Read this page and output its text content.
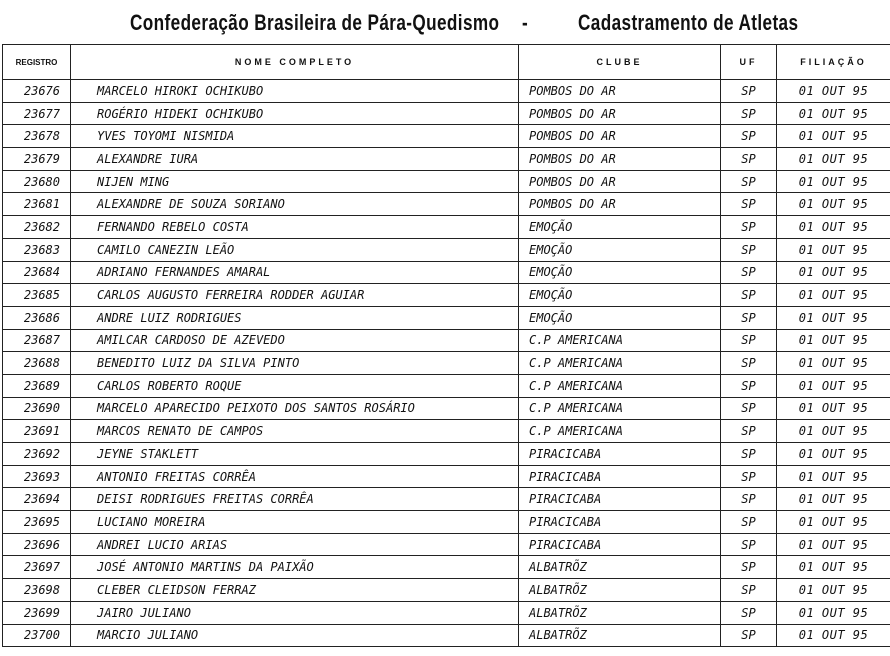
Confederação Brasileira de Pára-Quedismo - Cadastramento de Atletas
REGISTRO	NOME COMPLETO	CLUBE	UF	FILIAÇÃO
23676	MARCELO HIROKI OCHIKUBO	POMBOS DO AR	SP	01 OUT 95
23677	ROGÉRIO HIDEKI OCHIKUBO	POMBOS DO AR	SP	01 OUT 95
23678	YVES TOYOMI NISMIDA	POMBOS DO AR	SP	01 OUT 95
23679	ALEXANDRE IURA	POMBOS DO AR	SP	01 OUT 95
23680	NIJEN MING	POMBOS DO AR	SP	01 OUT 95
23681	ALEXANDRE DE SOUZA SORIANO	POMBOS DO AR	SP	01 OUT 95
23682	FERNANDO REBELO COSTA	EMOÇÃO	SP	01 OUT 95
23683	CAMILO CANEZIN LEÃO	EMOÇÃO	SP	01 OUT 95
23684	ADRIANO FERNANDES AMARAL	EMOÇÃO	SP	01 OUT 95
23685	CARLOS AUGUSTO FERREIRA RODDER AGUIAR	EMOÇÃO	SP	01 OUT 95
23686	ANDRE LUIZ RODRIGUES	EMOÇÃO	SP	01 OUT 95
23687	AMILCAR CARDOSO DE AZEVEDO	C.P AMERICANA	SP	01 OUT 95
23688	BENEDITO LUIZ DA SILVA PINTO	C.P AMERICANA	SP	01 OUT 95
23689	CARLOS ROBERTO ROQUE	C.P AMERICANA	SP	01 OUT 95
23690	MARCELO APARECIDO PEIXOTO DOS SANTOS ROSÁRIO	C.P AMERICANA	SP	01 OUT 95
23691	MARCOS RENATO DE CAMPOS	C.P AMERICANA	SP	01 OUT 95
23692	JEYNE STAKLETT	PIRACICABA	SP	01 OUT 95
23693	ANTONIO FREITAS CORRÊA	PIRACICABA	SP	01 OUT 95
23694	DEISI RODRIGUES FREITAS CORRÊA	PIRACICABA	SP	01 OUT 95
23695	LUCIANO MOREIRA	PIRACICABA	SP	01 OUT 95
23696	ANDREI LUCIO ARIAS	PIRACICABA	SP	01 OUT 95
23697	JOSÉ ANTONIO MARTINS DA PAIXÃO	ALBATRÕZ	SP	01 OUT 95
23698	CLEBER CLEIDSON FERRAZ	ALBATRÕZ	SP	01 OUT 95
23699	JAIRO JULIANO	ALBATRÕZ	SP	01 OUT 95
23700	MARCIO JULIANO	ALBATRÕZ	SP	01 OUT 95
